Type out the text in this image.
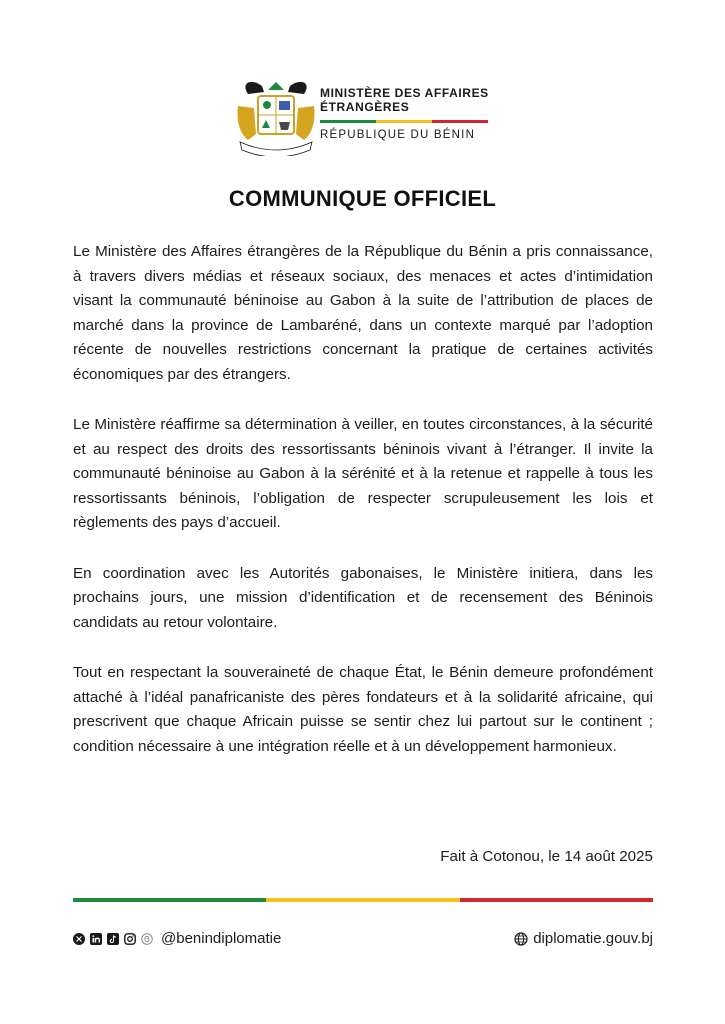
MINISTÈRE DES AFFAIRES
ÉTRANGÈRES
RÉPUBLIQUE DU BÉNIN
COMMUNIQUE OFFICIEL

Le Ministère des Affaires étrangères de la République du Bénin a pris connaissance, à travers divers médias et réseaux sociaux, des menaces et actes d’intimidation visant la communauté béninoise au Gabon à la suite de l’attribution de places de marché dans la province de Lambaréné, dans un contexte marqué par l’adoption récente de nouvelles restrictions concernant la pratique de certaines activités économiques par des étrangers.

Le Ministère réaffirme sa détermination à veiller, en toutes circonstances, à la sécurité et au respect des droits des ressortissants béninois vivant à l’étranger. Il invite la communauté béninoise au Gabon à la sérénité et à la retenue et rappelle à tous les ressortissants béninois, l’obligation de respecter scrupuleusement les lois et règlements des pays d’accueil.

En coordination avec les Autorités gabonaises, le Ministère initiera, dans les prochains jours, une mission d’identification et de recensement des Béninois candidats au retour volontaire.

Tout en respectant la souveraineté de chaque État, le Bénin demeure profondément attaché à l’idéal panafricaniste des pères fondateurs et à la solidarité africaine, qui prescrivent que chaque Africain puisse se sentir chez lui partout sur le continent ; condition nécessaire à une intégration réelle et à un développement harmonieux.

Fait à Cotonou, le 14 août 2025
@benindiplomatie	diplomatie.gouv.bj
